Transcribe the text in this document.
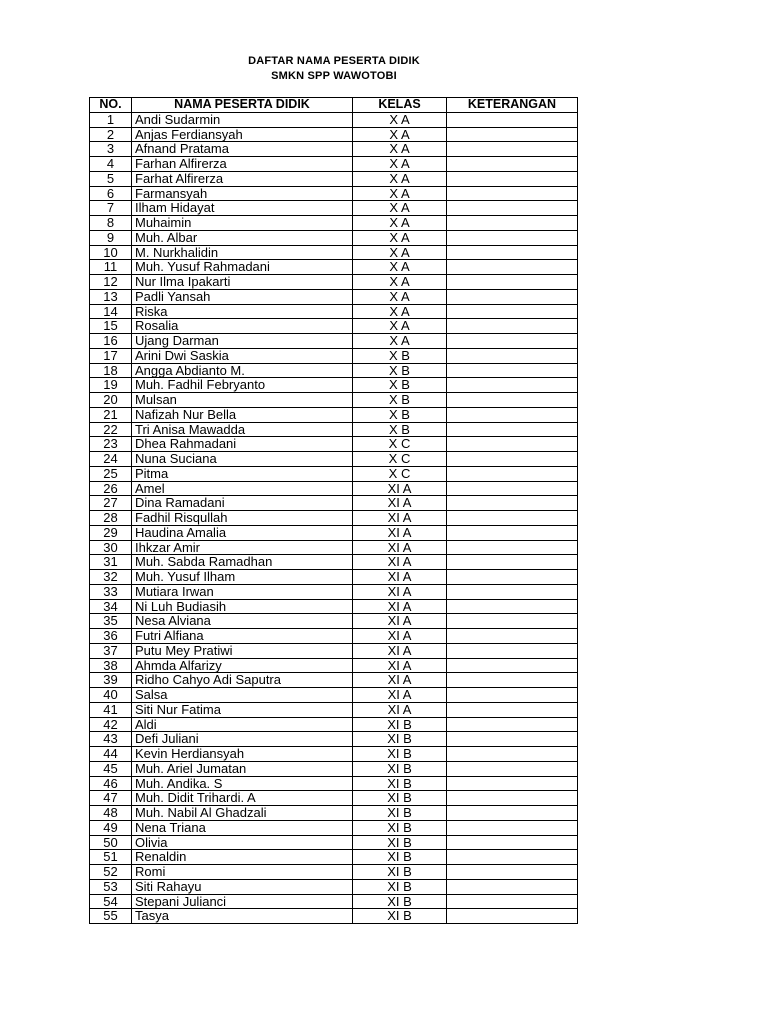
DAFTAR NAMA PESERTA DIDIK
SMKN SPP WAWOTOBI
NO.	NAMA PESERTA DIDIK	KELAS	KETERANGAN
1	Andi Sudarmin	X A	
2	Anjas Ferdiansyah	X A	
3	Afnand Pratama	X A	
4	Farhan Alfirerza	X A	
5	Farhat Alfirerza	X A	
6	Farmansyah	X A	
7	Ilham Hidayat	X A	
8	Muhaimin	X A	
9	Muh. Albar	X A	
10	M. Nurkhalidin	X A	
11	Muh. Yusuf Rahmadani	X A	
12	Nur Ilma Ipakarti	X A	
13	Padli Yansah	X A	
14	Riska	X A	
15	Rosalia	X A	
16	Ujang Darman	X A	
17	Arini Dwi Saskia	X B	
18	Angga Abdianto M.	X B	
19	Muh. Fadhil Febryanto	X B	
20	Mulsan	X B	
21	Nafizah Nur Bella	X B	
22	Tri Anisa Mawadda	X B	
23	Dhea Rahmadani	X C	
24	Nuna Suciana	X C	
25	Pitma	X C	
26	Amel	XI A	
27	Dina Ramadani	XI A	
28	Fadhil Risqullah	XI A	
29	Haudina Amalia	XI A	
30	Ihkzar Amir	XI A	
31	Muh. Sabda Ramadhan	XI A	
32	Muh. Yusuf Ilham	XI A	
33	Mutiara Irwan	XI A	
34	Ni Luh Budiasih	XI A	
35	Nesa Alviana	XI A	
36	Futri Alfiana	XI A	
37	Putu Mey Pratiwi	XI A	
38	Ahmda Alfarizy	XI A	
39	Ridho Cahyo Adi Saputra	XI A	
40	Salsa	XI A	
41	Siti Nur Fatima	XI A	
42	Aldi	XI B	
43	Defi Juliani	XI B	
44	Kevin Herdiansyah	XI B	
45	Muh. Ariel Jumatan	XI B	
46	Muh. Andika. S	XI B	
47	Muh. Didit Trihardi. A	XI B	
48	Muh. Nabil Al Ghadzali	XI B	
49	Nena Triana	XI B	
50	Olivia	XI B	
51	Renaldin	XI B	
52	Romi	XI B	
53	Siti Rahayu	XI B	
54	Stepani Julianci	XI B	
55	Tasya	XI B	
